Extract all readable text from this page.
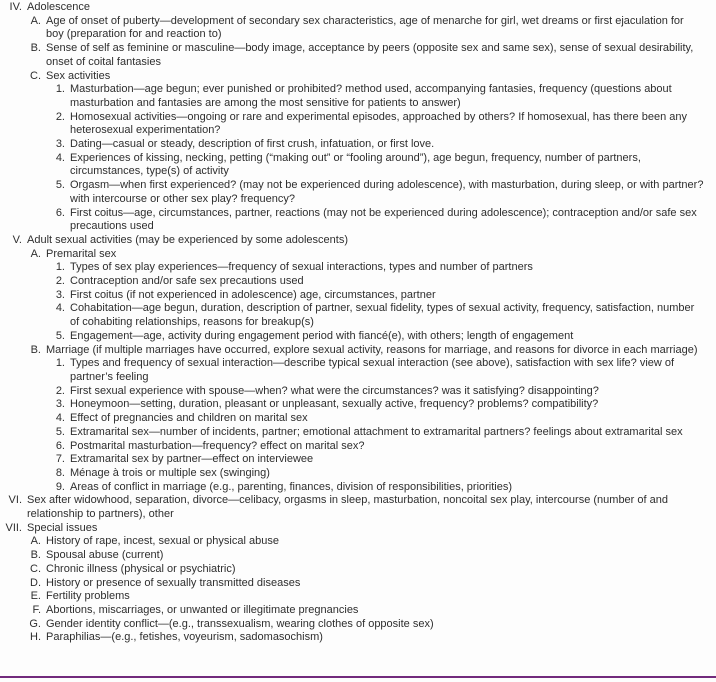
IV. Adolescence
A. Age of onset of puberty—development of secondary sex characteristics, age of menarche for girl, wet dreams or first ejaculation for boy (preparation for and reaction to)
B. Sense of self as feminine or masculine—body image, acceptance by peers (opposite sex and same sex), sense of sexual desirability, onset of coital fantasies
C. Sex activities
1. Masturbation—age begun; ever punished or prohibited? method used, accompanying fantasies, frequency (questions about masturbation and fantasies are among the most sensitive for patients to answer)
2. Homosexual activities—ongoing or rare and experimental episodes, approached by others? If homosexual, has there been any heterosexual experimentation?
3. Dating—casual or steady, description of first crush, infatuation, or first love.
4. Experiences of kissing, necking, petting (“making out” or “fooling around”), age begun, frequency, number of partners, circumstances, type(s) of activity
5. Orgasm—when first experienced? (may not be experienced during adolescence), with masturbation, during sleep, or with partner? with intercourse or other sex play? frequency?
6. First coitus—age, circumstances, partner, reactions (may not be experienced during adolescence); contraception and/or safe sex precautions used
V. Adult sexual activities (may be experienced by some adolescents)
A. Premarital sex
1. Types of sex play experiences—frequency of sexual interactions, types and number of partners
2. Contraception and/or safe sex precautions used
3. First coitus (if not experienced in adolescence) age, circumstances, partner
4. Cohabitation—age begun, duration, description of partner, sexual fidelity, types of sexual activity, frequency, satisfaction, number of cohabiting relationships, reasons for breakup(s)
5. Engagement—age, activity during engagement period with fiancé(e), with others; length of engagement
B. Marriage (if multiple marriages have occurred, explore sexual activity, reasons for marriage, and reasons for divorce in each marriage)
1. Types and frequency of sexual interaction—describe typical sexual interaction (see above), satisfaction with sex life? view of partner’s feeling
2. First sexual experience with spouse—when? what were the circumstances? was it satisfying? disappointing?
3. Honeymoon—setting, duration, pleasant or unpleasant, sexually active, frequency? problems? compatibility?
4. Effect of pregnancies and children on marital sex
5. Extramarital sex—number of incidents, partner; emotional attachment to extramarital partners? feelings about extramarital sex
6. Postmarital masturbation—frequency? effect on marital sex?
7. Extramarital sex by partner—effect on interviewee
8. Ménage à trois or multiple sex (swinging)
9. Areas of conflict in marriage (e.g., parenting, finances, division of responsibilities, priorities)
VI. Sex after widowhood, separation, divorce—celibacy, orgasms in sleep, masturbation, noncoital sex play, intercourse (number of and relationship to partners), other
VII. Special issues
A. History of rape, incest, sexual or physical abuse
B. Spousal abuse (current)
C. Chronic illness (physical or psychiatric)
D. History or presence of sexually transmitted diseases
E. Fertility problems
F. Abortions, miscarriages, or unwanted or illegitimate pregnancies
G. Gender identity conflict—(e.g., transsexualism, wearing clothes of opposite sex)
H. Paraphilias—(e.g., fetishes, voyeurism, sadomasochism)
